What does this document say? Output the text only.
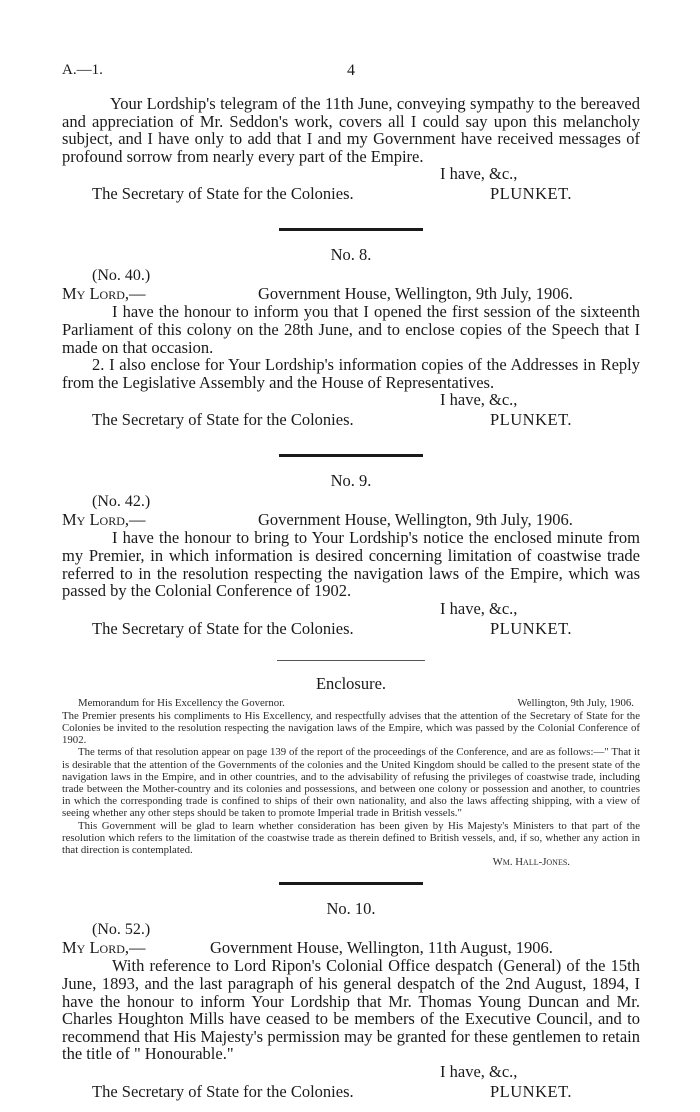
A.—1.	4

Your Lordship's telegram of the 11th June, conveying sympathy to the bereaved and appreciation of Mr. Seddon's work, covers all I could say upon this melancholy subject, and I have only to add that I and my Government have received messages of profound sorrow from nearly every part of the Empire.

I have, &c.,
The Secretary of State for the Colonies.	PLUNKET.
No. 8.
(No. 40.)
My Lord,—	Government House, Wellington, 9th July, 1906.

I have the honour to inform you that I opened the first session of the sixteenth Parliament of this colony on the 28th June, and to enclose copies of the Speech that I made on that occasion.

2. I also enclose for Your Lordship's information copies of the Addresses in Reply from the Legislative Assembly and the House of Representatives.

I have, &c.,
The Secretary of State for the Colonies.	PLUNKET.
No. 9.
(No. 42.)
My Lord,—	Government House, Wellington, 9th July, 1906.

I have the honour to bring to Your Lordship's notice the enclosed minute from my Premier, in which information is desired concerning limitation of coastwise trade referred to in the resolution respecting the navigation laws of the Empire, which was passed by the Colonial Conference of 1902.

I have, &c.,
The Secretary of State for the Colonies.	PLUNKET.
Enclosure.
Memorandum for His Excellency the Governor.	Wellington, 9th July, 1906.

The Premier presents his compliments to His Excellency, and respectfully advises that the attention of the Secretary of State for the Colonies be invited to the resolution respecting the navigation laws of the Empire, which was passed by the Colonial Conference of 1902.

The terms of that resolution appear on page 139 of the report of the proceedings of the Conference, and are as follows:—" That it is desirable that the attention of the Governments of the colonies and the United Kingdom should be called to the present state of the navigation laws in the Empire, and in other countries, and to the advisability of refusing the privileges of coastwise trade, including trade between the Mother-country and its colonies and possessions, and between one colony or possession and another, to countries in which the corresponding trade is confined to ships of their own nationality, and also the laws affecting shipping, with a view of seeing whether any other steps should be taken to promote Imperial trade in British vessels."

This Government will be glad to learn whether consideration has been given by His Majesty's Ministers to that part of the resolution which refers to the limitation of the coastwise trade as therein defined to British vessels, and, if so, whether any action in that direction is contemplated.

Wm. Hall-Jones.
No. 10.
(No. 52.)
My Lord,—	Government House, Wellington, 11th August, 1906.

With reference to Lord Ripon's Colonial Office despatch (General) of the 15th June, 1893, and the last paragraph of his general despatch of the 2nd August, 1894, I have the honour to inform Your Lordship that Mr. Thomas Young Duncan and Mr. Charles Houghton Mills have ceased to be members of the Executive Council, and to recommend that His Majesty's permission may be granted for these gentlemen to retain the title of " Honourable."

I have, &c.,
The Secretary of State for the Colonies.	PLUNKET.
